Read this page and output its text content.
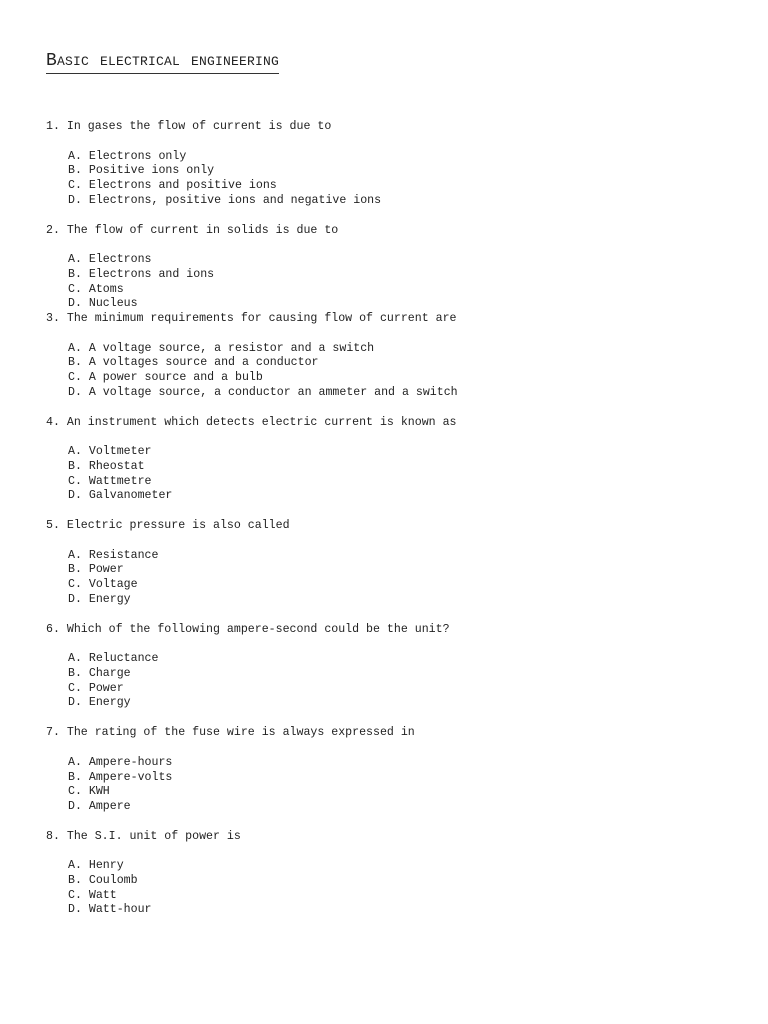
Basic electrical engineering
1. In gases the flow of current is due to
A. Electrons only
B. Positive ions only
C. Electrons and positive ions
D. Electrons, positive ions and negative ions
2. The flow of current in solids is due to
A. Electrons
B. Electrons and ions
C. Atoms
D. Nucleus
3. The minimum requirements for causing flow of current are
A. A voltage source, a resistor and a switch
B. A voltages source and a conductor
C. A power source and a bulb
D. A voltage source, a conductor an ammeter and a switch
4. An instrument which detects electric current is known as
A. Voltmeter
B. Rheostat
C. Wattmetre
D. Galvanometer
5. Electric pressure is also called
A. Resistance
B. Power
C. Voltage
D. Energy
6. Which of the following ampere-second could be the unit?
A. Reluctance
B. Charge
C. Power
D. Energy
7. The rating of the fuse wire is always expressed in
A. Ampere-hours
B. Ampere-volts
C. KWH
D. Ampere
8. The S.I. unit of power is
A. Henry
B. Coulomb
C. Watt
D. Watt-hour
